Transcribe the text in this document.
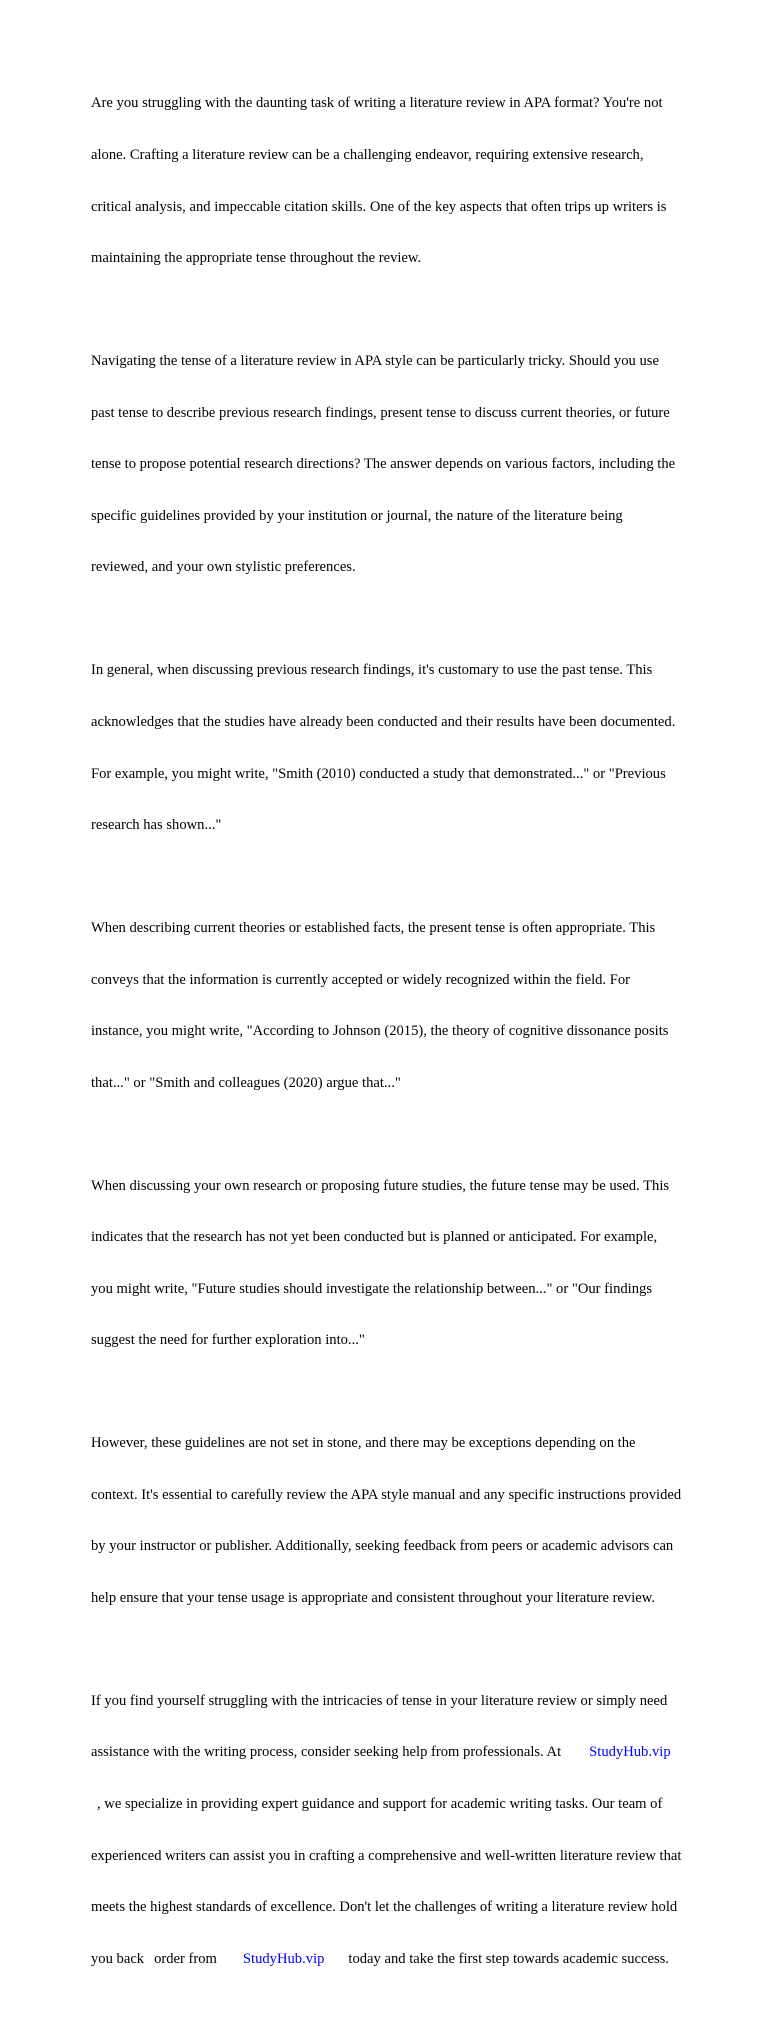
Are you struggling with the daunting task of writing a literature review in APA format? You're not

alone. Crafting a literature review can be a challenging endeavor, requiring extensive research,

critical analysis, and impeccable citation skills. One of the key aspects that often trips up writers is

maintaining the appropriate tense throughout the review.

Navigating the tense of a literature review in APA style can be particularly tricky. Should you use

past tense to describe previous research findings, present tense to discuss current theories, or future

tense to propose potential research directions? The answer depends on various factors, including the

specific guidelines provided by your institution or journal, the nature of the literature being

reviewed, and your own stylistic preferences.

In general, when discussing previous research findings, it's customary to use the past tense. This

acknowledges that the studies have already been conducted and their results have been documented.

For example, you might write, "Smith (2010) conducted a study that demonstrated..." or "Previous

research has shown..."

When describing current theories or established facts, the present tense is often appropriate. This

conveys that the information is currently accepted or widely recognized within the field. For

instance, you might write, "According to Johnson (2015), the theory of cognitive dissonance posits

that..." or "Smith and colleagues (2020) argue that..."

When discussing your own research or proposing future studies, the future tense may be used. This

indicates that the research has not yet been conducted but is planned or anticipated. For example,

you might write, "Future studies should investigate the relationship between..." or "Our findings

suggest the need for further exploration into..."

However, these guidelines are not set in stone, and there may be exceptions depending on the

context. It's essential to carefully review the APA style manual and any specific instructions provided

by your instructor or publisher. Additionally, seeking feedback from peers or academic advisors can

help ensure that your tense usage is appropriate and consistent throughout your literature review.

If you find yourself struggling with the intricacies of tense in your literature review or simply need

assistance with the writing process, consider seeking help from professionals. At StudyHub.vip

, we specialize in providing expert guidance and support for academic writing tasks. Our team of

experienced writers can assist you in crafting a comprehensive and well-written literature review that

meets the highest standards of excellence. Don't let the challenges of writing a literature review hold

you back order from StudyHub.vip today and take the first step towards academic success.
